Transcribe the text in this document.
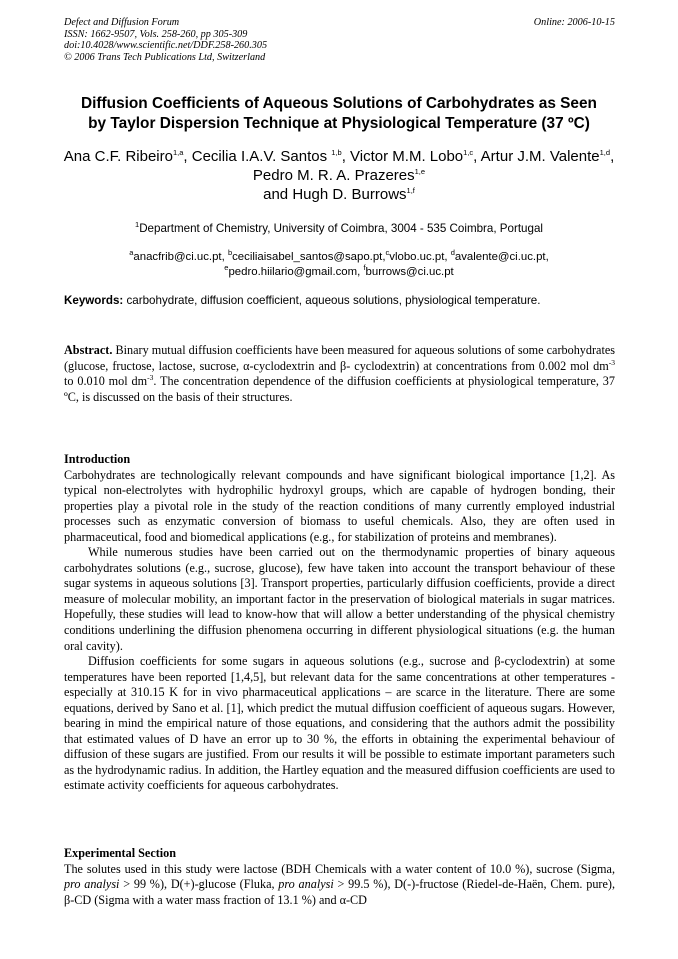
Defect and Diffusion Forum
ISSN: 1662-9507, Vols. 258-260, pp 305-309
doi:10.4028/www.scientific.net/DDF.258-260.305
© 2006 Trans Tech Publications Ltd, Switzerland
Online: 2006-10-15
Diffusion Coefficients of Aqueous Solutions of Carbohydrates as Seen
by Taylor Dispersion Technique at Physiological Temperature (37 ºC)
Ana C.F. Ribeiro$^{1,a}$, Cecilia I.A.V. Santos $^{1,b}$, Victor M.M. Lobo$^{1,c}$, Artur J.M. Valente$^{1,d}$, Pedro M. R. A. Prazeres$^{1,e}$
and Hugh D. Burrows$^{1,f}$
$^1$Department of Chemistry, University of Coimbra, 3004 - 535 Coimbra, Portugal
$^a$anacfrib@ci.uc.pt, $^b$ceciliaisabel_santos@sapo.pt,$^c$vlobo.uc.pt, $^d$avalente@ci.uc.pt,
$^e$pedro.hiilario@gmail.com, $^f$burrows@ci.uc.pt
Keywords: carbohydrate, diffusion coefficient, aqueous solutions, physiological temperature.

Abstract. Binary mutual diffusion coefficients have been measured for aqueous solutions of some carbohydrates (glucose, fructose, lactose, sucrose, α-cyclodextrin and β- cyclodextrin) at concentrations from 0.002 mol $dm^{-3}$ to 0.010 mol $dm^{-3}$. The concentration dependence of the diffusion coefficients at physiological temperature, 37 ºC, is discussed on the basis of their structures.

Introduction

Carbohydrates are technologically relevant compounds and have significant biological importance [1,2]. As typical non-electrolytes with hydrophilic hydroxyl groups, which are capable of hydrogen bonding, their properties play a pivotal role in the study of the reaction conditions of many currently employed industrial processes such as enzymatic conversion of biomass to useful chemicals. Also, they are often used in pharmaceutical, food and biomedical applications (e.g., for stabilization of proteins and membranes).

While numerous studies have been carried out on the thermodynamic properties of binary aqueous carbohydrates solutions (e.g., sucrose, glucose), few have taken into account the transport behaviour of these sugar systems in aqueous solutions [3]. Transport properties, particularly diffusion coefficients, provide a direct measure of molecular mobility, an important factor in the preservation of biological materials in sugar matrices. Hopefully, these studies will lead to know-how that will allow a better understanding of the physical chemistry conditions underlining the diffusion phenomena occurring in different physiological situations (e.g. the human oral cavity).

Diffusion coefficients for some sugars in aqueous solutions (e.g., sucrose and β-cyclodextrin) at some temperatures have been reported [1,4,5], but relevant data for the same concentrations at other temperatures - especially at 310.15 K for in vivo pharmaceutical applications – are scarce in the literature. There are some equations, derived by Sano et al. [1], which predict the mutual diffusion coefficient of aqueous sugars. However, bearing in mind the empirical nature of those equations, and considering that the authors admit the possibility that estimated values of D have an error up to 30 %, the efforts in obtaining the experimental behaviour of diffusion of these sugars are justified. From our results it will be possible to estimate important parameters such as the hydrodynamic radius. In addition, the Hartley equation and the measured diffusion coefficients are used to estimate activity coefficients for aqueous carbohydrates.

Experimental Section

The solutes used in this study were lactose (BDH Chemicals with a water content of 10.0 %), sucrose (Sigma, pro analysi > 99 %), D(+)-glucose (Fluka, pro analysi > 99.5 %), D(-)-fructose (Riedel-de-Haën, Chem. pure), β-CD (Sigma with a water mass fraction of 13.1 %) and α-CD
